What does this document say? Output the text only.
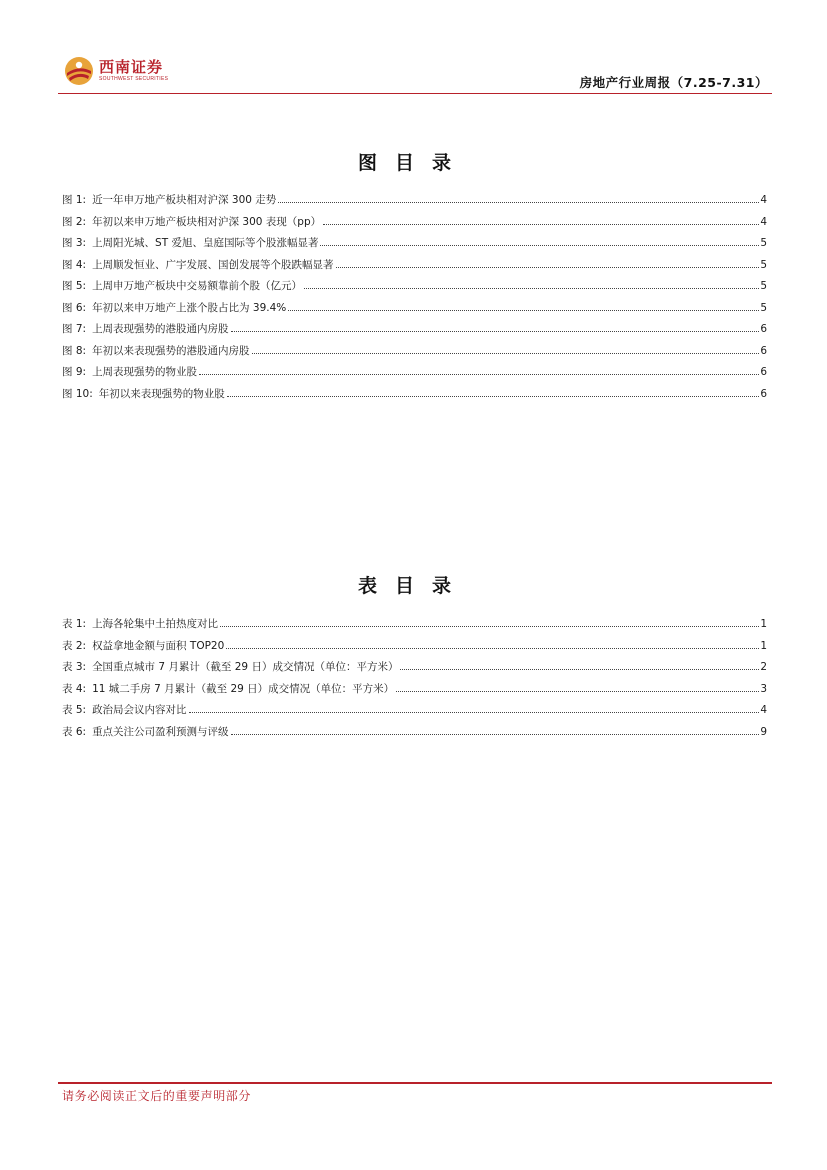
西南证券
SOUTHWEST SECURITIES	房地产行业周报（7.25-7.31）
图目录
图 1: 近一年申万地产板块相对沪深 300 走势	4
图 2: 年初以来申万地产板块相对沪深 300 表现（pp）	4
图 3: 上周阳光城、ST 爱旭、皇庭国际等个股涨幅显著	5
图 4: 上周顺发恒业、广宇发展、国创发展等个股跌幅显著	5
图 5: 上周申万地产板块中交易额靠前个股（亿元）	5
图 6: 年初以来申万地产上涨个股占比为 39.4%	5
图 7: 上周表现强势的港股通内房股	6
图 8: 年初以来表现强势的港股通内房股	6
图 9: 上周表现强势的物业股	6
图 10: 年初以来表现强势的物业股	6
表目录
表 1: 上海各轮集中土拍热度对比	1
表 2: 权益拿地金额与面积 TOP20	1
表 3: 全国重点城市 7 月累计（截至 29 日）成交情况（单位：平方米）	2
表 4: 11 城二手房 7 月累计（截至 29 日）成交情况（单位：平方米）	3
表 5: 政治局会议内容对比	4
表 6: 重点关注公司盈利预测与评级	9
请务必阅读正文后的重要声明部分
